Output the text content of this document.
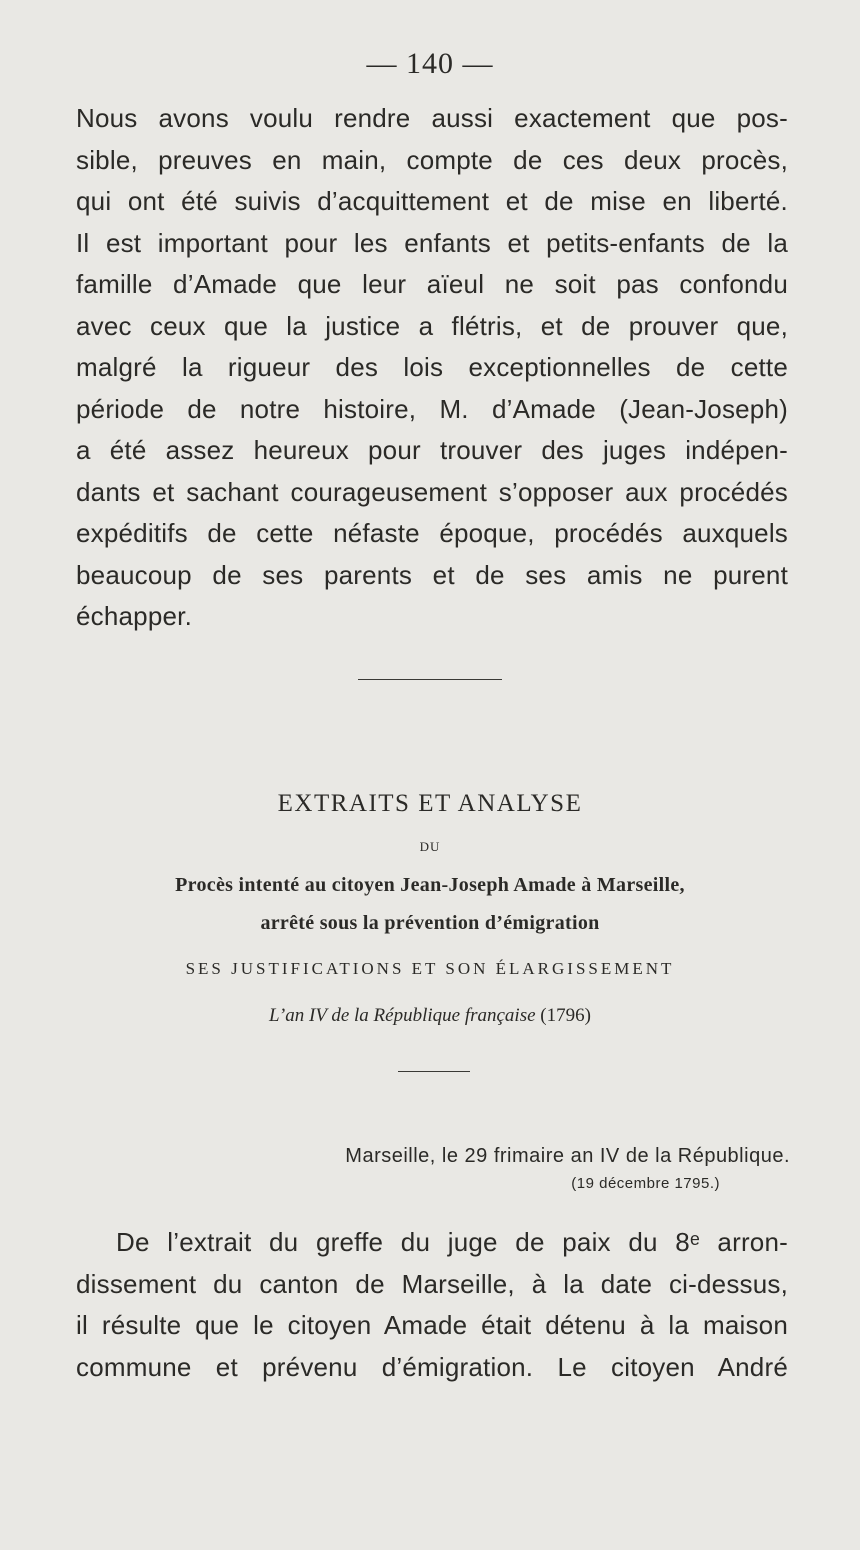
— 140 —

Nous avons voulu rendre aussi exactement que pos-
sible, preuves en main, compte de ces deux procès,
qui ont été suivis d’acquittement et de mise en liberté.
Il est important pour les enfants et petits-enfants de la
famille d’Amade que leur aïeul ne soit pas confondu
avec ceux que la justice a flétris, et de prouver que,
malgré la rigueur des lois exceptionnelles de cette
période de notre histoire, M. d’Amade (Jean-Joseph)
a été assez heureux pour trouver des juges indépen-
dants et sachant courageusement s’opposer aux procédés
expéditifs de cette néfaste époque, procédés auxquels
beaucoup de ses parents et de ses amis ne purent
échapper.

EXTRAITS ET ANALYSE
DU
Procès intenté au citoyen Jean-Joseph Amade à Marseille,
arrêté sous la prévention d’émigration
SES JUSTIFICATIONS ET SON ÉLARGISSEMENT
L’an IV de la République française (1796)
Marseille, le 29 frimaire an IV de la République.
(19 décembre 1795.)

De l’extrait du greffe du juge de paix du 8ᵉ arron-
dissement du canton de Marseille, à la date ci-dessus,
il résulte que le citoyen Amade était détenu à la maison
commune et prévenu d’émigration. Le citoyen André
